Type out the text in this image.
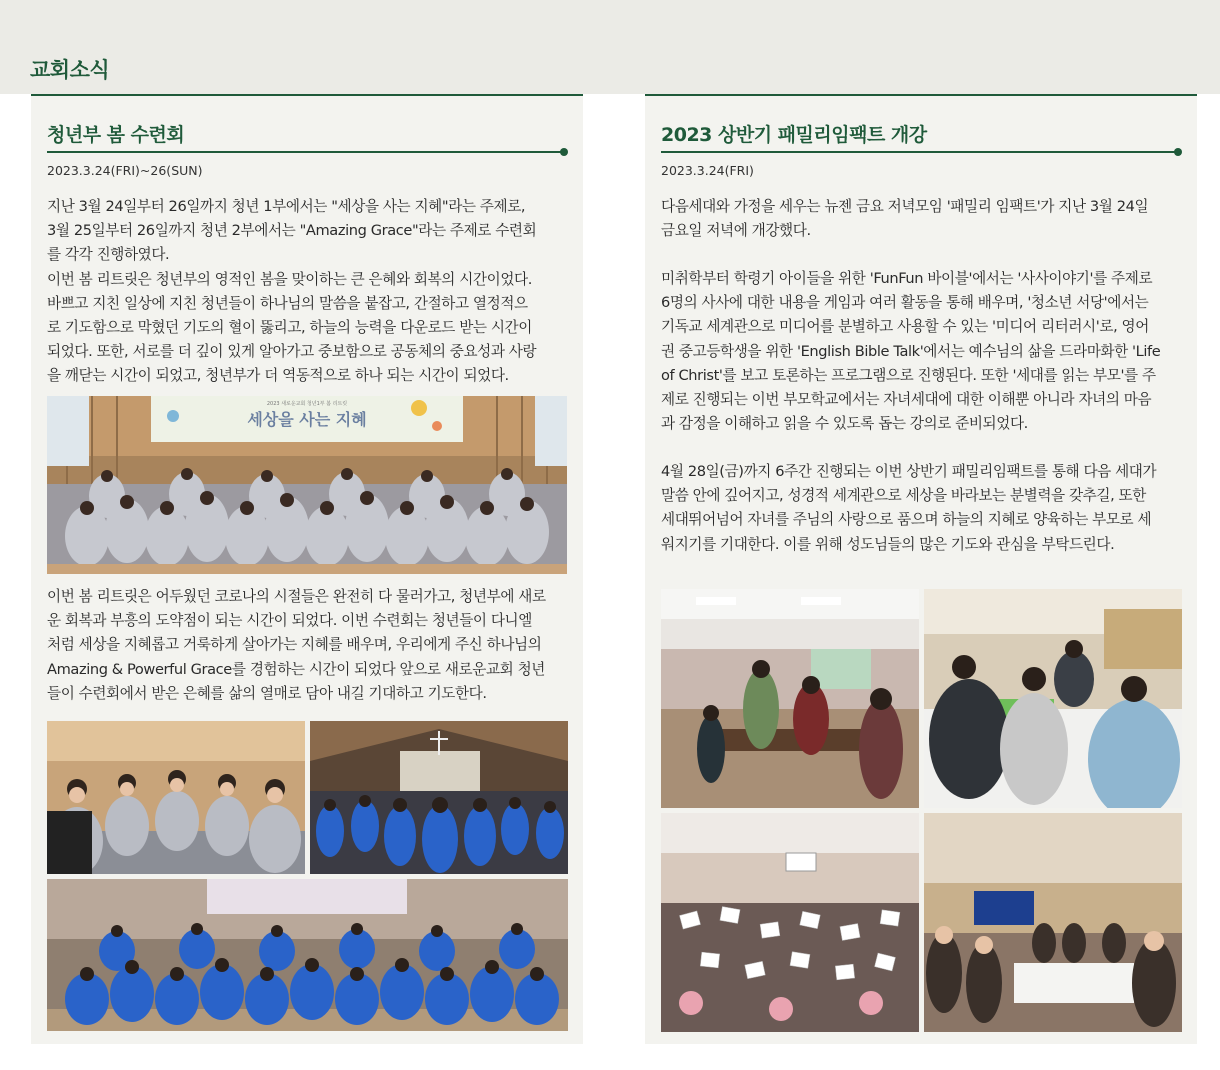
교회소식
청년부 봄 수련회
2023.3.24(FRI)~26(SUN)
지난 3월 24일부터 26일까지 청년 1부에서는 "세상을 사는 지혜"라는 주제로,
3월 25일부터 26일까지 청년 2부에서는 "Amazing Grace"라는 주제로 수련회
를 각각 진행하였다.
이번 봄 리트릿은 청년부의 영적인 봄을 맞이하는 큰 은혜와 회복의 시간이었다.
바쁘고 지친 일상에 지친 청년들이 하나님의 말씀을 붙잡고, 간절하고 열정적으
로 기도함으로 막혔던 기도의 혈이 뚫리고, 하늘의 능력을 다운로드 받는 시간이
되었다. 또한, 서로를 더 깊이 있게 알아가고 중보함으로 공동체의 중요성과 사랑
을 깨닫는 시간이 되었고, 청년부가 더 역동적으로 하나 되는 시간이 되었다.
2023 새로운교회 청년1부 봄 리트릿
세상을 사는 지혜
이번 봄 리트릿은 어두웠던 코로나의 시절들은 완전히 다 물러가고, 청년부에 새로
운 회복과 부흥의 도약점이 되는 시간이 되었다. 이번 수련회는 청년들이 다니엘
처럼 세상을 지혜롭고 거룩하게 살아가는 지혜를 배우며, 우리에게 주신 하나님의
Amazing & Powerful Grace를 경험하는 시간이 되었다 앞으로 새로운교회 청년
들이 수련회에서 받은 은혜를 삶의 열매로 담아 내길 기대하고 기도한다.
2023 상반기 패밀리임팩트 개강
2023.3.24(FRI)
다음세대와 가정을 세우는 뉴젠 금요 저녁모임 '패밀리 임팩트'가 지난 3월 24일
금요일 저녁에 개강했다.
미취학부터 학령기 아이들을 위한 'FunFun 바이블'에서는 '사사이야기'를 주제로
6명의 사사에 대한 내용을 게임과 여러 활동을 통해 배우며, '청소년 서당'에서는
기독교 세계관으로 미디어를 분별하고 사용할 수 있는 '미디어 리터러시'로, 영어
권 중고등학생을 위한 'English Bible Talk'에서는 예수님의 삶을 드라마화한 'Life
of Christ'를 보고 토론하는 프로그램으로 진행된다. 또한 '세대를 읽는 부모'를 주
제로 진행되는 이번 부모학교에서는 자녀세대에 대한 이해뿐 아니라 자녀의 마음
과 감정을 이해하고 읽을 수 있도록 돕는 강의로 준비되었다.
4월 28일(금)까지 6주간 진행되는 이번 상반기 패밀리임팩트를 통해 다음 세대가
말씀 안에 깊어지고, 성경적 세계관으로 세상을 바라보는 분별력을 갖추길, 또한
세대뛰어넘어 자녀를 주님의 사랑으로 품으며 하늘의 지혜로 양육하는 부모로 세
워지기를 기대한다. 이를 위해 성도님들의 많은 기도와 관심을 부탁드린다.
